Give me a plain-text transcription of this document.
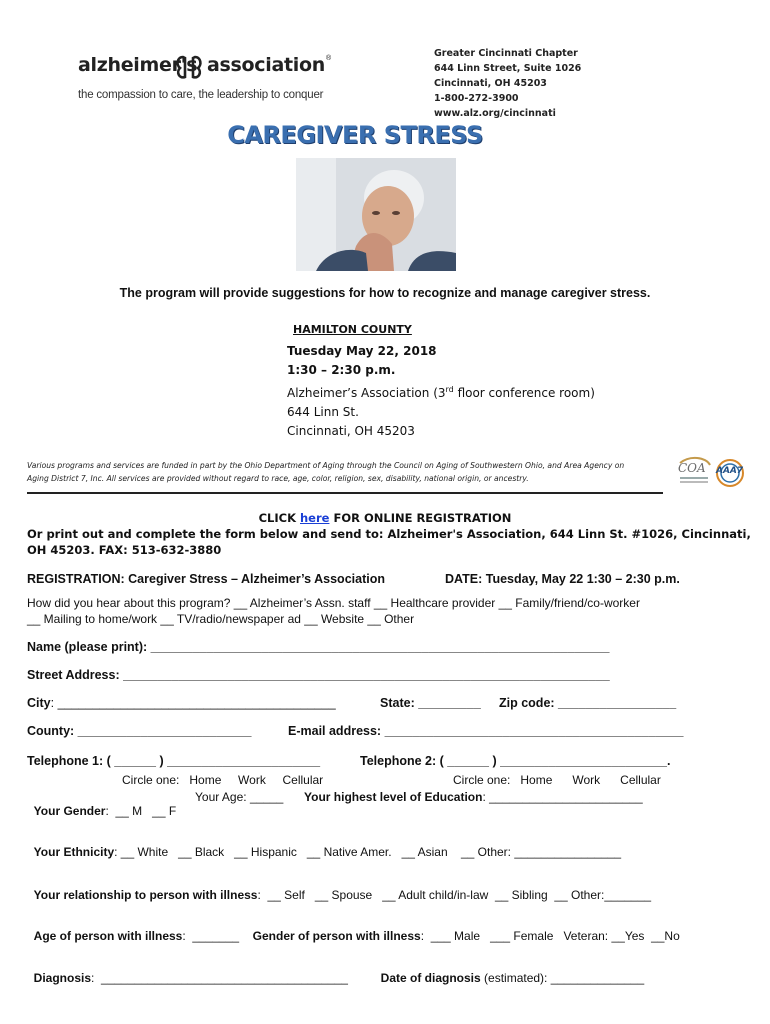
alzheimer's association ®
the compassion to care, the leadership to conquer
Greater Cincinnati Chapter
644 Linn Street, Suite 1026
Cincinnati, OH 45203
1-800-272-3900
www.alz.org/cincinnati
CAREGIVER STRESS
The program will provide suggestions for how to recognize and manage caregiver stress.
HAMILTON COUNTY
Tuesday May 22, 2018
1:30 – 2:30 p.m.
Alzheimer’s Association (3rd floor conference room)
644 Linn St.
Cincinnati, OH 45203
Various programs and services are funded in part by the Ohio Department of Aging through the Council on Aging of Southwestern Ohio, and Area Agency on
Aging District 7, Inc. All services are provided without regard to race, age, color, religion, sex, disability, national origin, or ancestry.
COA AAA7
CLICK here FOR ONLINE REGISTRATION
Or print out and complete the form below and send to: Alzheimer's Association, 644 Linn St. #1026, Cincinnati,
OH 45203. FAX: 513-632-3880
REGISTRATION: Caregiver Stress – Alzheimer’s Association	DATE: Tuesday, May 22 1:30 – 2:30 p.m.
How did you hear about this program? __ Alzheimer’s Assn. staff __ Healthcare provider __ Family/friend/co-worker
__ Mailing to home/work __ TV/radio/newspaper ad __ Website __ Other
Name (please print): __________________________________________________________________
Street Address: ______________________________________________________________________
City: ________________________________________	State: _________ Zip code: _________________
County: _________________________	E-mail address: ___________________________________________
Telephone 1: ( ______ ) ______________________	Telephone 2: ( ______ ) ________________________.
Circle one:   Home     Work     Cellular	Circle one:   Home      Work      Cellular

Your Gender:  __ M   __ F

Your Age: _____ Your highest level of Education: _______________________

Your Ethnicity: __ White   __ Black   __ Hispanic   __ Native Amer.   __ Asian    __ Other: ________________

Your relationship to person with illness:  __ Self   __ Spouse   __ Adult child/in-law  __ Sibling  __ Other:_______

Age of person with illness:  _______	Gender of person with illness:  ___ Male   ___ Female   Veteran: __Yes  __No

Diagnosis:  _____________________________________	Date of diagnosis (estimated): ______________
